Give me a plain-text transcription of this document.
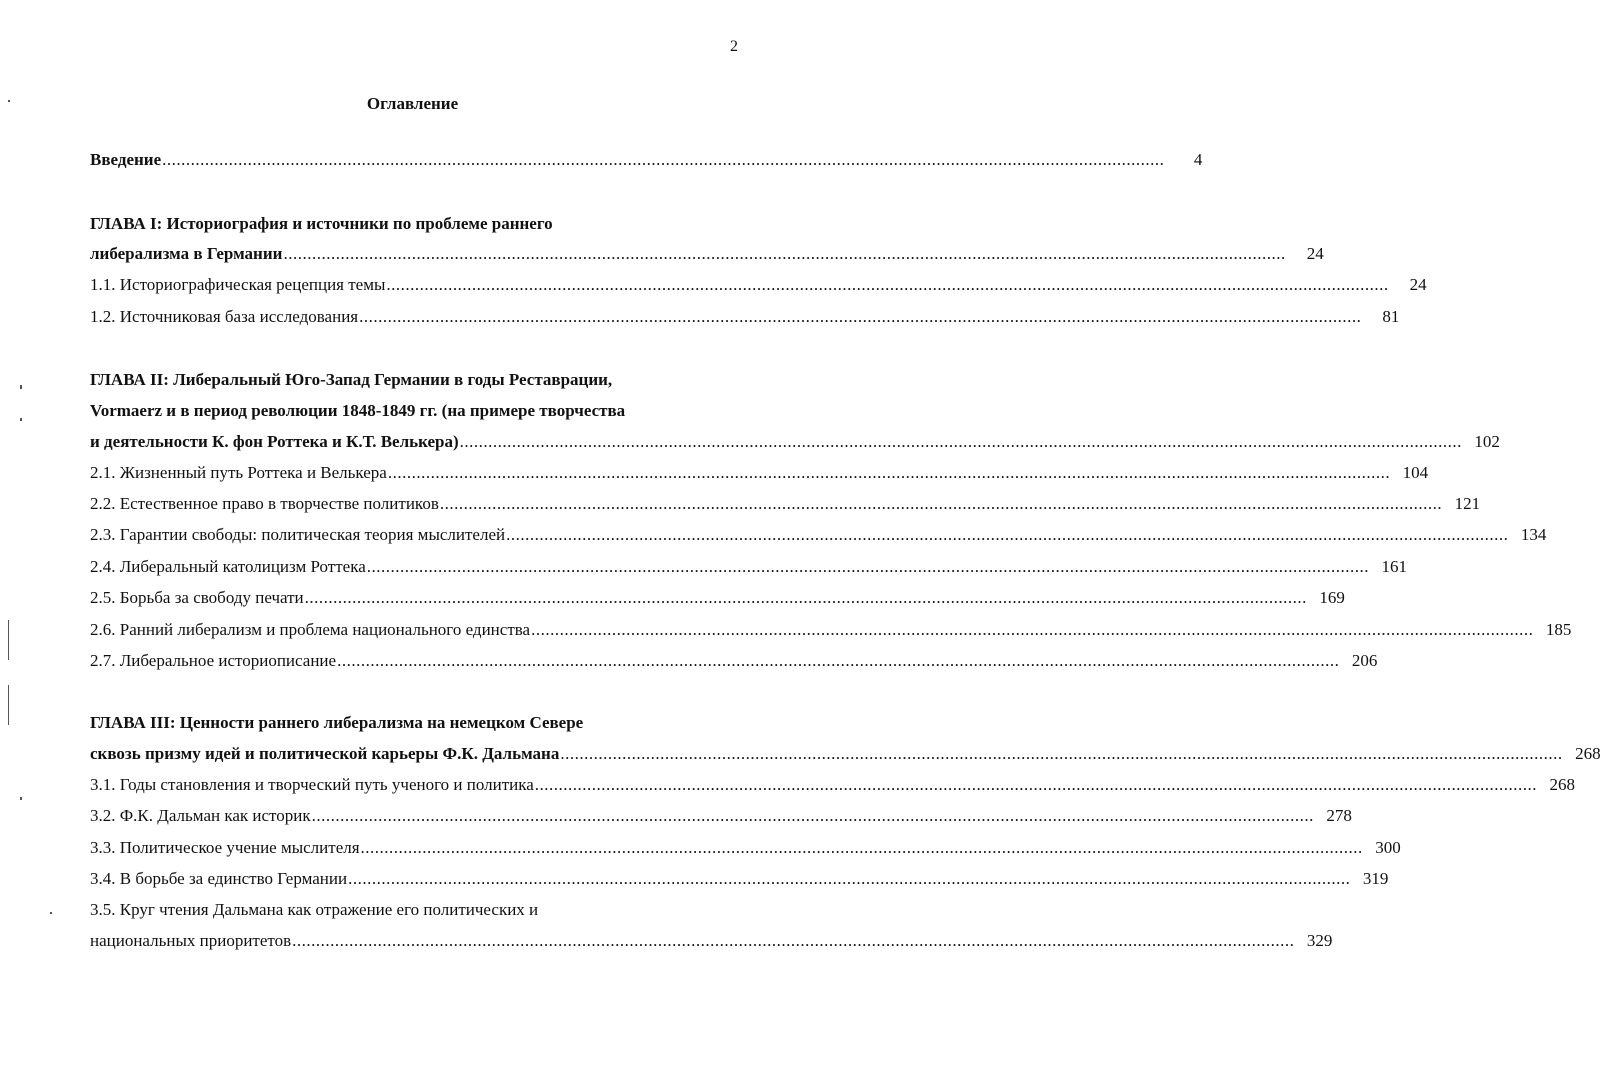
2
Оглавление
Введение .....	4
ГЛАВА I: Историография и источники по проблеме раннего
либерализма в Германии .....	24
1.1. Историографическая рецепция темы .....	24
1.2. Источниковая база исследования .....	81
ГЛАВА II: Либеральный Юго-Запад Германии в годы Реставрации,
Vormaerz и в период революции 1848-1849 гг. (на примере творчества
и деятельности К. фон Роттека и К.Т. Велькера) .....	102
2.1. Жизненный путь Роттека и Велькера .....	104
2.2. Естественное право в творчестве политиков .....	121
2.3. Гарантии свободы: политическая теория мыслителей .....	134
2.4. Либеральный католицизм Роттека .....	161
2.5. Борьба за свободу печати .....	169
2.6. Ранний либерализм и проблема национального единства .....	185
2.7. Либеральное историописание .....	206
ГЛАВА III: Ценности раннего либерализма на немецком Севере
сквозь призму идей и политической карьеры Ф.К. Дальмана .....	268
3.1. Годы становления и творческий путь ученого и политика .....	268
3.2. Ф.К. Дальман как историк .....	278
3.3. Политическое учение мыслителя .....	300
3.4. В борьбе за единство Германии .....	319
3.5. Круг чтения Дальмана как отражение его политических и
национальных приоритетов .....	329
